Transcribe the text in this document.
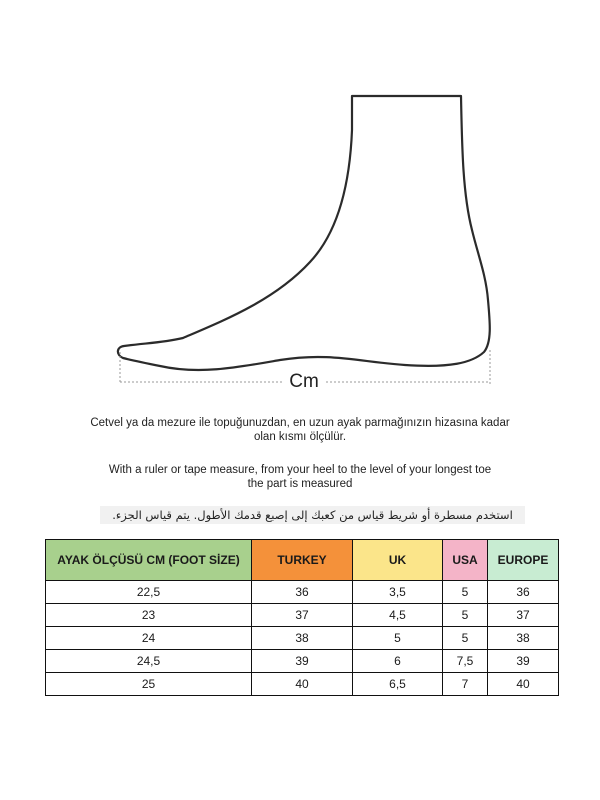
Cm
Cetvel ya da mezure ile topuğunuzdan, en uzun ayak parmağınızın hizasına kadar
olan kısmı ölçülür.
With a ruler or tape measure, from your heel to the level of your longest toe
the part is measured
استخدم مسطرة أو شريط قياس من كعبك إلى إصبع قدمك الأطول. يتم قياس الجزء.
AYAK ÖLÇÜSÜ CM (FOOT SİZE)	TURKEY	UK	USA	EUROPE
22,5	36	3,5	5	36
23	37	4,5	5	37
24	38	5	5	38
24,5	39	6	7,5	39
25	40	6,5	7	40
